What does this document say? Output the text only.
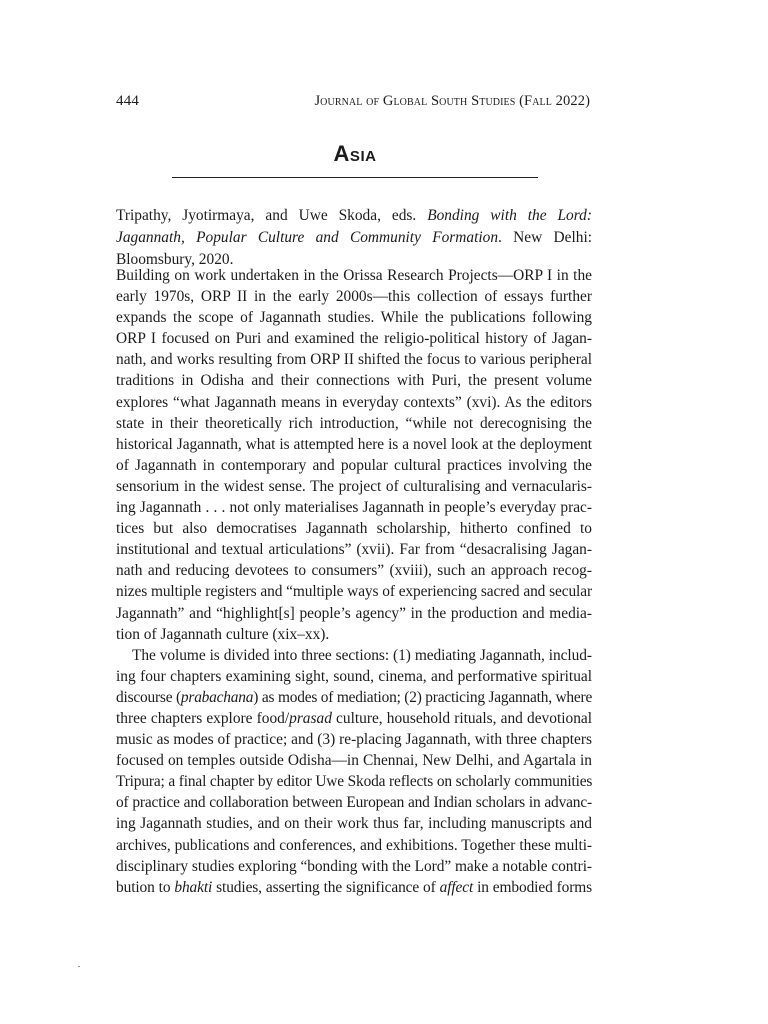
444	Journal of Global South Studies (Fall 2022)
Asia
Tripathy, Jyotirmaya, and Uwe Skoda, eds. Bonding with the Lord: Jagannath, Popular Culture and Community Formation. New Delhi: Bloomsbury, 2020.
Building on work undertaken in the Orissa Research Projects—ORP I in the
early 1970s, ORP II in the early 2000s—this collection of essays further
expands the scope of Jagannath studies. While the publications following
ORP I focused on Puri and examined the religio-political history of Jagan-
nath, and works resulting from ORP II shifted the focus to various peripheral
traditions in Odisha and their connections with Puri, the present volume
explores “what Jagannath means in everyday contexts” (xvi). As the editors
state in their theoretically rich introduction, “while not derecognising the
historical Jagannath, what is attempted here is a novel look at the deployment
of Jagannath in contemporary and popular cultural practices involving the
sensorium in the widest sense. The project of culturalising and vernacularis-
ing Jagannath . . . not only materialises Jagannath in people’s everyday prac-
tices but also democratises Jagannath scholarship, hitherto confined to
institutional and textual articulations” (xvii). Far from “desacralising Jagan-
nath and reducing devotees to consumers” (xviii), such an approach recog-
nizes multiple registers and “multiple ways of experiencing sacred and secular
Jagannath” and “highlight[s] people’s agency” in the production and media-
tion of Jagannath culture (xix–xx).
The volume is divided into three sections: (1) mediating Jagannath, includ-
ing four chapters examining sight, sound, cinema, and performative spiritual
discourse (prabachana) as modes of mediation; (2) practicing Jagannath, where
three chapters explore food/prasad culture, household rituals, and devotional
music as modes of practice; and (3) re-placing Jagannath, with three chapters
focused on temples outside Odisha—in Chennai, New Delhi, and Agartala in
Tripura; a final chapter by editor Uwe Skoda reflects on scholarly communities
of practice and collaboration between European and Indian scholars in advanc-
ing Jagannath studies, and on their work thus far, including manuscripts and
archives, publications and conferences, and exhibitions. Together these multi-
disciplinary studies exploring “bonding with the Lord” make a notable contri-
bution to bhakti studies, asserting the significance of affect in embodied forms
